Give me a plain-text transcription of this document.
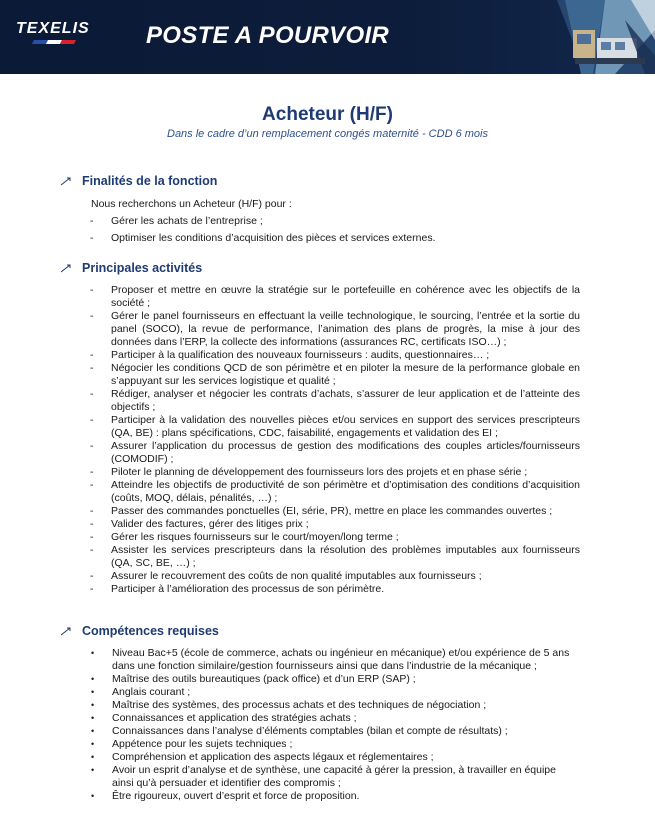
TEXELIS POSTE A POURVOIR
Acheteur (H/F)
Dans le cadre d’un remplacement congés maternité - CDD 6 mois
Finalités de la fonction
Nous recherchons un Acheteur (H/F) pour :
- Gérer les achats de l’entreprise ;
- Optimiser les conditions d’acquisition des pièces et services externes.
Principales activités
- Proposer et mettre en œuvre la stratégie sur le portefeuille en cohérence avec les objectifs de la société ;
- Gérer le panel fournisseurs en effectuant la veille technologique, le sourcing, l’entrée et la sortie du panel (SOCO), la revue de performance, l’animation des plans de progrès, la mise à jour des données dans l’ERP, la collecte des informations (assurances RC, certificats ISO…) ;
- Participer à la qualification des nouveaux fournisseurs : audits, questionnaires… ;
- Négocier les conditions QCD de son périmètre et en piloter la mesure de la performance globale en s’appuyant sur les services logistique et qualité ;
- Rédiger, analyser et négocier les contrats d’achats, s’assurer de leur application et de l’atteinte des objectifs ;
- Participer à la validation des nouvelles pièces et/ou services en support des services prescripteurs (QA, BE) : plans spécifications, CDC, faisabilité, engagements et validation des EI ;
- Assurer l’application du processus de gestion des modifications des couples articles/fournisseurs (COMODIF) ;
- Piloter le planning de développement des fournisseurs lors des projets et en phase série ;
- Atteindre les objectifs de productivité de son périmètre et d’optimisation des conditions d’acquisition (coûts, MOQ, délais, pénalités, …) ;
- Passer des commandes ponctuelles (EI, série, PR), mettre en place les commandes ouvertes ;
- Valider des factures, gérer des litiges prix ;
- Gérer les risques fournisseurs sur le court/moyen/long terme ;
- Assister les services prescripteurs dans la résolution des problèmes imputables aux fournisseurs (QA, SC, BE, …) ;
- Assurer le recouvrement des coûts de non qualité imputables aux fournisseurs ;
- Participer à l’amélioration des processus de son périmètre.
Compétences requises
• Niveau Bac+5 (école de commerce, achats ou ingénieur en mécanique) et/ou expérience de 5 ans dans une fonction similaire/gestion fournisseurs ainsi que dans l’industrie de la mécanique ;
• Maîtrise des outils bureautiques (pack office) et d’un ERP (SAP) ;
• Anglais courant ;
• Maîtrise des systèmes, des processus achats et des techniques de négociation ;
• Connaissances et application des stratégies achats ;
• Connaissances dans l’analyse d’éléments comptables (bilan et compte de résultats) ;
• Appétence pour les sujets techniques ;
• Compréhension et application des aspects légaux et réglementaires ;
• Avoir un esprit d’analyse et de synthèse, une capacité à gérer la pression, à travailler en équipe ainsi qu’à persuader et identifier des compromis ;
• Être rigoureux, ouvert d’esprit et force de proposition.
